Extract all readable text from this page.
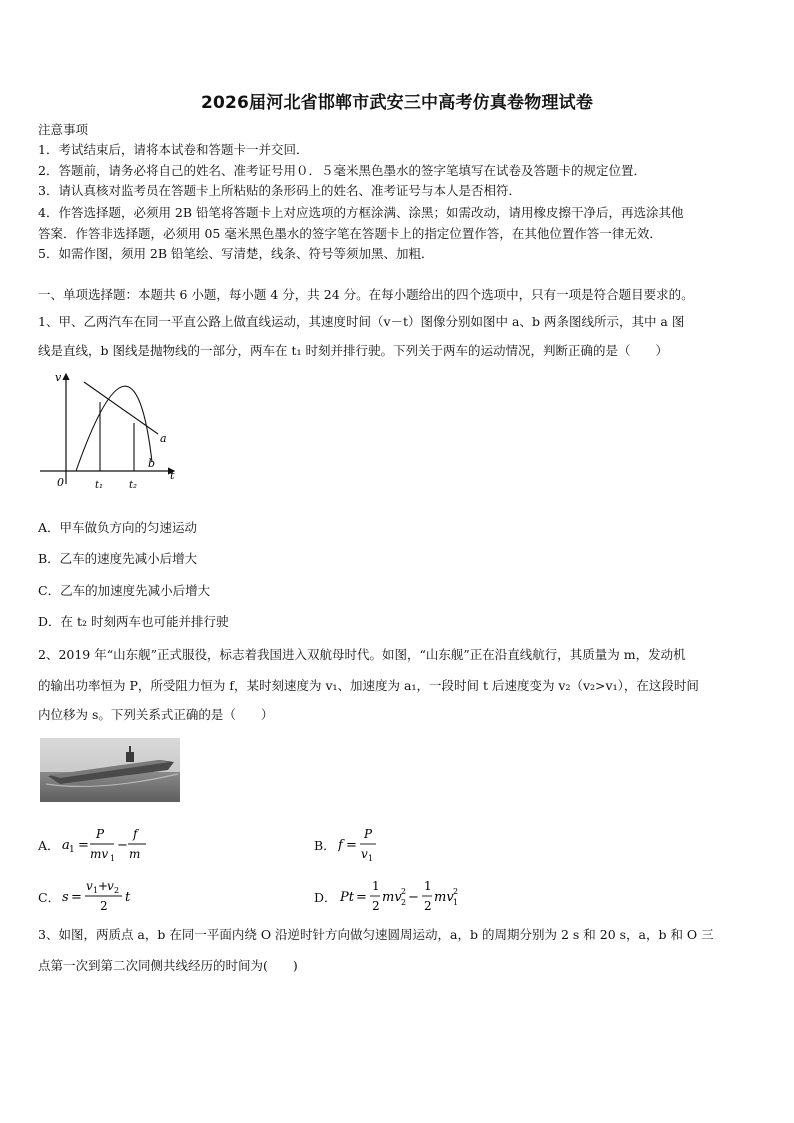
2026届河北省邯郸市武安三中高考仿真卷物理试卷
注意事项
1．考试结束后，请将本试卷和答题卡一并交回．
2．答题前，请务必将自己的姓名、准考证号用０．５毫米黑色墨水的签字笔填写在试卷及答题卡的规定位置．
3．请认真核对监考员在答题卡上所粘贴的条形码上的姓名、准考证号与本人是否相符．
4．作答选择题，必须用 2B 铅笔将答题卡上对应选项的方框涂满、涂黑；如需改动，请用橡皮擦干净后，再选涂其他
答案．作答非选择题，必须用 05 毫米黑色墨水的签字笔在答题卡上的指定位置作答，在其他位置作答一律无效．
5．如需作图，须用 2B 铅笔绘、写清楚，线条、符号等须加黑、加粗．
一、单项选择题：本题共 6 小题，每小题 4 分，共 24 分。在每小题给出的四个选项中，只有一项是符合题目要求的。
1、甲、乙两汽车在同一平直公路上做直线运动，其速度时间（v－t）图像分别如图中 a、b 两条图线所示，其中 a 图
线是直线，b 图线是抛物线的一部分，两车在 t₁ 时刻并排行驶。下列关于两车的运动情况，判断正确的是（　　）
v
t
0
a
b
t₁	t₂
A．甲车做负方向的匀速运动
B．乙车的速度先减小后增大
C．乙车的加速度先减小后增大
D．在 t₂ 时刻两车也可能并排行驶
2、2019 年“山东舰”正式服役，标志着我国进入双航母时代。如图，“山东舰”正在沿直线航行，其质量为 m，发动机
的输出功率恒为 P，所受阻力恒为 f，某时刻速度为 v₁、加速度为 a₁，一段时间 t 后速度变为 v₂（v₂>v₁），在这段时间
内位移为 s。下列关系式正确的是（　　）
A． a 1 =
P
mv 1
−
f
m
B． f =
P
v 1
C． s =
v 1 +
v 2
2
t	D． Pt =
1
2
mv 2
2 −
1
2
mv 2
1
3、如图，两质点 a，b 在同一平面内绕 O 沿逆时针方向做匀速圆周运动，a，b 的周期分别为 2 s 和 20 s，a，b 和 O 三
点第一次到第二次同侧共线经历的时间为(　　)
